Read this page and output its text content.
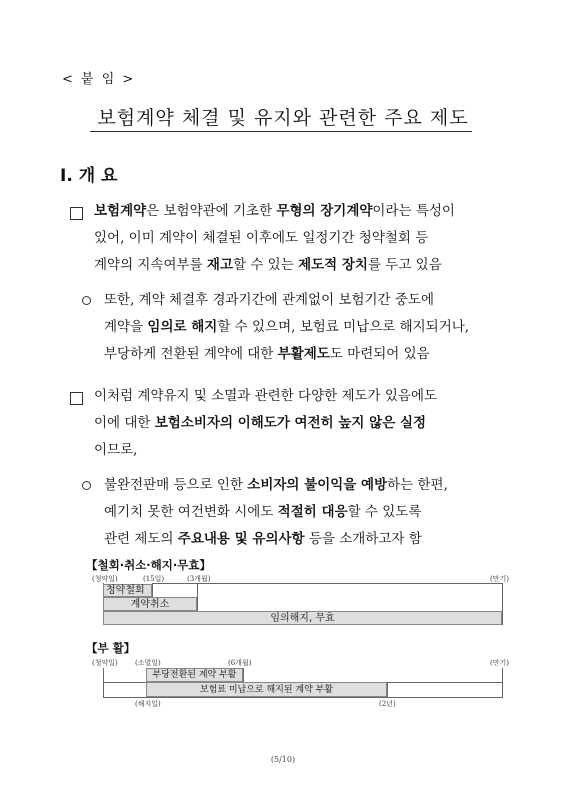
< 붙 임 >
보험계약 체결 및 유지와 관련한 주요 제도
Ⅰ. 개 요
보험계약은 보험약관에 기초한 무형의 장기계약이라는 특성이
있어, 이미 계약이 체결된 이후에도 일정기간 청약철회 등
계약의 지속여부를 재고할 수 있는 제도적 장치를 두고 있음
또한, 계약 체결후 경과기간에 관계없이 보험기간 중도에
계약을 임의로 해지할 수 있으며, 보험료 미납으로 해지되거나,
부당하게 전환된 계약에 대한 부활제도도 마련되어 있음
이처럼 계약유지 및 소멸과 관련한 다양한 제도가 있음에도
이에 대한 보험소비자의 이해도가 여전히 높지 않은 실정
이므로,
불완전판매 등으로 인한 소비자의 불이익을 예방하는 한편,
예기치 못한 여건변화 시에도 적절히 대응할 수 있도록
관련 제도의 주요내용 및 유의사항 등을 소개하고자 함
【철회·취소·해지·무효】
(청약일)	(15일)	(3개월)	(만기)
청약철회
계약취소
임의해지, 무효
【부 활】
(청약일) (소멸일)	(6개월)	(만기)
부당전환된 계약 부활
보험료 미납으로 해지된 계약 부활
(해지일)	(2년)
(5/10)
